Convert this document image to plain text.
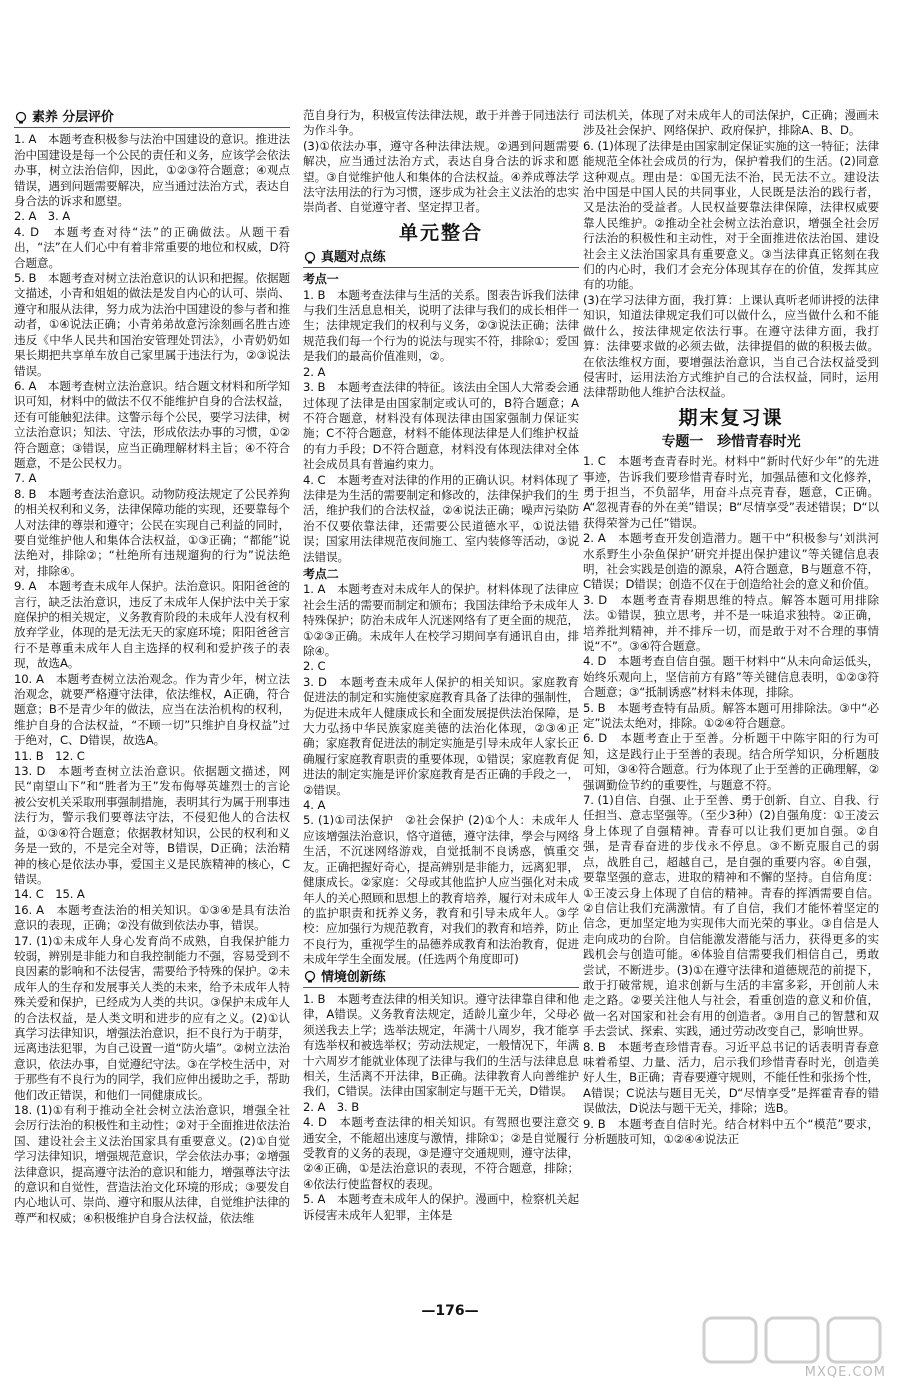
素养 分层评价

1. A　本题考查积极参与法治中国建设的意识。推进法治中国建设是每一个公民的责任和义务，应该学会依法办事，树立法治信仰，因此，①②③符合题意；④观点错误，遇到问题需要解决，应当通过法治方式，表达自身合法的诉求和愿望。

2. A　3. A

4. D　本题考查对待“法”的正确做法。从题干看出，“法”在人们心中有着非常重要的地位和权威，D符合题意。

5. B　本题考查对树立法治意识的认识和把握。依据题文描述，小青和姐姐的做法是发自内心的认可、崇尚、遵守和服从法律，努力成为法治中国建设的参与者和推动者，①④说法正确；小青弟弟故意污涂刻画名胜古迹违反《中华人民共和国治安管理处罚法》，小青奶奶如果长期把共享单车放自己家里属于违法行为，②③说法错误。

6. A　本题考查树立法治意识。结合题文材料和所学知识可知，材料中的做法不仅不能维护自身的合法权益，还有可能触犯法律。这警示每个公民，要学习法律，树立法治意识；知法、守法，形成依法办事的习惯，①②符合题意；③错误，应当正确理解材料主旨；④不符合题意，不是公民权力。

7. A

8. B　本题考查法治意识。动物防疫法规定了公民养狗的相关权利和义务，法律保障功能的实现，还要靠每个人对法律的尊崇和遵守；公民在实现自己利益的同时，要自觉维护他人和集体合法权益，①③正确；“都能”说法绝对，排除②；“杜绝所有违规遛狗的行为”说法绝对，排除④。

9. A　本题考查未成年人保护。法治意识。阳阳爸爸的言行，缺乏法治意识，违反了未成年人保护法中关于家庭保护的相关规定，义务教育阶段的未成年人没有权利放弃学业，体现的是无法无天的家庭环境；阳阳爸爸言行不是尊重未成年人自主选择的权利和爱护孩子的表现，故选A。

10. A　本题考查树立法治观念。作为青少年，树立法治观念，就要严格遵守法律，依法维权，A正确，符合题意；B不是青少年的做法，应当在法治机构的权利，维护自身的合法权益，“不顾一切”只维护自身权益”过于绝对，C、D错误，故选A。

11. B　12. C

13. D　本题考查树立法治意识。依据题文描述，网民“南望山下”和“胜者为王”发布侮辱英雄烈士的言论被公安机关采取刑事强制措施，表明其行为属于刑事违法行为，警示我们要尊法守法，不侵犯他人的合法权益，①③④符合题意；依据教材知识，公民的权利和义务是一致的，不是完全对等，B错误，D正确；法治精神的核心是依法办事，爱国主义是民族精神的核心，C错误。

14. C　15. A

16. A　本题考查法治的相关知识。①③④是具有法治意识的表现，正确；②没有做到依法办事，错误。

17. (1)①未成年人身心发育尚不成熟，自我保护能力较弱，辨别是非能力和自我控制能力不强，容易受到不良因素的影响和不法侵害，需要给予特殊的保护。②未成年人的生存和发展事关人类的未来，给予未成年人特殊关爱和保护，已经成为人类的共识。③保护未成年人的合法权益，是人类文明和进步的应有之义。(2)①认真学习法律知识，增强法治意识，拒不良行为于萌芽，远离违法犯罪，为自己设置一道“防火墙”。②树立法治意识，依法办事，自觉遵纪守法。③在学校生活中，对于那些有不良行为的同学，我们应伸出援助之手，帮助他们改正错误，和他们一同健康成长。

18. (1)①有利于推动全社会树立法治意识，增强全社会厉行法治的积极性和主动性；②对于全面推进依法治国、建设社会主义法治国家具有重要意义。(2)①自觉学习法律知识，增强规范意识，学会依法办事；②增强法律意识，提高遵守法治的意识和能力，增强尊法守法的意识和自觉性，营造法治文化环境的形成；③要发自内心地认可、崇尚、遵守和服从法律，自觉维护法律的尊严和权威；④积极维护自身合法权益，依法维

范自身行为，积极宣传法律法规，敢于并善于同违法行为作斗争。

(3)①依法办事，遵守各种法律法规。②遇到问题需要解决，应当通过法治方式，表达自身合法的诉求和愿望。③自觉维护他人和集体的合法权益。④养成尊法学法守法用法的行为习惯，逐步成为社会主义法治的忠实崇尚者、自觉遵守者、坚定捍卫者。

单元整合
真题对点练
考点一

1. B　本题考查法律与生活的关系。图表告诉我们法律与我们生活息息相关，说明了法律与我们的成长相伴一生；法律规定我们的权利与义务，②③说法正确；法律规范我们每一个行为的说法与现实不符，排除①；爱国是我们的最高价值准则，②。

2. A

3. B　本题考查法律的特征。该法由全国人大常委会通过体现了法律是由国家制定或认可的，B符合题意；A不符合题意，材料没有体现法律由国家强制力保证实施；C不符合题意，材料不能体现法律是人们维护权益的有力手段；D不符合题意，材料没有体现法律对全体社会成员具有普遍约束力。

4. C　本题考查对法律的作用的正确认识。材料体现了法律是为生活的需要制定和修改的，法律保护我们的生活，维护我们的合法权益，②④说法正确；噪声污染防治不仅要依靠法律，还需要公民道德水平，①说法错误；国家用法律规范夜间施工、室内装修等活动，③说法错误。

考点二

1. A　本题考查对未成年人的保护。材料体现了法律应社会生活的需要而制定和颁布；我国法律给予未成年人特殊保护；防治未成年人沉迷网络有了更全面的规范，①②③正确。未成年人在校学习期间享有通讯自由，排除④。

2. C

3. D　本题考查未成年人保护的相关知识。家庭教育促进法的制定和实施使家庭教育具备了法律的强制性，为促进未成年人健康成长和全面发展提供法治保障，是大力弘扬中华民族家庭美德的法治化体现，②③④正确；家庭教育促进法的制定实施是引导未成年人家长正确履行家庭教育职责的重要体现，①错误；家庭教育促进法的制定实施是评价家庭教育是否正确的手段之一，②错误。

4. A

5. (1)①司法保护　②社会保护 (2)①个人：未成年人应该增强法治意识，恪守道德，遵守法律，學会与网络生活，不沉迷网络游戏，自觉抵制不良诱惑，慎重交友。正确把握好奇心，提高辨别是非能力，远离犯罪，健康成长。②家庭：父母或其他监护人应当强化对未成年人的关心照顾和思想上的教育培养，履行对未成年人的监护职责和抚养义务，教育和引导未成年人。③学校：应加强行为规范教育，对我们的教育和培养，防止不良行为，重视学生的品德养成教育和法治教育，促进未成年学生全面发展。(任选两个角度即可)

情境创新练

1. B　本题考查法律的相关知识。遵守法律靠自律和他律，A错误。义务教育法规定，适龄儿童少年，父母必须送我去上学；选举法规定，年满十八周岁，我才能享有选举权和被选举权；劳动法规定，一般情况下，年满十六周岁才能就业体现了法律与我们的生活与法律息息相关，生活离不开法律，B正确。法律教育人向善维护我们，C错误。法律由国家制定与题干无关，D错误。

2. A　3. B

4. D　本题考查法律的相关知识。有驾照也要注意交通安全，不能超出速度与激情，排除①；②是自觉履行受教育的义务的表现，③是遵守交通规则，遵守法律，②④正确，①是法治意识的表现，不符合题意，排除；④依法行使监督权的表现。

5. A　本题考查未成年人的保护。漫画中，检察机关起诉侵害未成年人犯罪，主体是

司法机关，体现了对未成年人的司法保护，C正确；漫画未涉及社会保护、网络保护、政府保护，排除A、B、D。

6. (1)体现了法律是由国家制定保证实施的这一特征；法律能规范全体社会成员的行为，保护着我们的生活。(2)同意这种观点。理由是：①国无法不治，民无法不立。建设法治中国是中国人民的共同事业，人民既是法治的践行者，又是法治的受益者。人民权益要靠法律保障，法律权威要靠人民维护。②推动全社会树立法治意识，增强全社会厉行法治的积极性和主动性，对于全面推进依法治国、建设社会主义法治国家具有重要意义。③当法律真正铭刻在我们的内心时，我们才会充分体现其存在的价值，发挥其应有的功能。

(3)在学习法律方面，我打算：上课认真听老师讲授的法律知识，知道法律规定我们可以做什么，应当做什么和不能做什么，按法律规定依法行事。在遵守法律方面，我打算：法律要求做的必须去做，法律提倡的做的积极去做。在依法维权方面，要增强法治意识，当自己合法权益受到侵害时，运用法治方式维护自己的合法权益，同时，运用法律帮助他人维护合法权益。

期末复习课
专题一　珍惜青春时光

1. C　本题考查青春时光。材料中“新时代好少年”的先进事迹，告诉我们要珍惜青春时光，加强品德和文化修养，勇于担当，不负韶华，用奋斗点亮青春，题意，C正确。A“忽视青春的外在美”错误；B“尽情享受”表述错误；D“以获得荣誉为己任”错误。

2. A　本题考查开发创造潜力。题干中“积极参与‘刘洪河水系野生小杂鱼保护’研究并提出保护建议”等关键信息表明，社会实践是创造的源泉，A符合题意，B与题意不符，C错误；D错误；创造不仅在于创造给社会的意义和价值。

3. D　本题考查青春期思维的特点。解答本题可用排除法。①错误，独立思考，并不是一味追求独特。②正确，培养批判精神，并不排斥一切，而是敢于对不合理的事情说“不”。③④符合题意。

4. D　本题考查自信自强。题干材料中“从未向命运低头，始终乐观向上，坚信前方有路”等关键信息表明，①②③符合题意；③“抵制诱惑”材料未体现，排除。

5. B　本题考查特有品质。解答本题可用排除法。③中“必定”说法太绝对，排除。①②④符合题意。

6. D　本题考查止于至善。分析题干中陈宇阳的行为可知，这是践行止于至善的表现。结合所学知识，分析题肢可知，③④符合题意。行为体现了止于至善的正确理解，②强调勤俭节约的重要性，与题意不符。

7. (1)自信、自强、止于至善、勇于创新、自立、自我、行任担当、意志坚强等。（至少3种）(2)自强角度：①王凌云身上体现了自强精神。青春可以让我们更加自强。②自强，是青春奋进的步伐永不停息。③不断克服自己的弱点，战胜自己，超越自己，是自强的重要内容。④自强，要靠坚强的意志，进取的精神和不懈的坚持。自信角度：①王凌云身上体现了自信的精神。青春的挥洒需要自信。②自信让我们充满激情。有了自信，我们才能怀着坚定的信念，更加坚定地为实现伟大而光荣的事业。③自信是人走向成功的台阶。自信能激发潜能与活力，获得更多的实践机会与创造可能。④体验自信需要我们相信自己，勇敢尝试，不断进步。(3)①在遵守法律和道德规范的前提下，敢于打破常规，追求创新与生活的丰富多彩，开创前人未走之路。②要关注他人与社会，看重创造的意义和价值，做一名对国家和社会有用的创造者。③用自己的智慧和双手去尝试、探索、实践，通过劳动改变自己，影响世界。

8. B　本题考查珍惜青春。习近平总书记的话表明青春意味着希望、力量、活力，启示我们珍惜青春时光，创造美好人生，B正确；青春要遵守规则，不能任性和张扬个性，A错误；C说法与题目无关，D“尽情享受”是挥霍青春的错误做法，D说法与题干无关，排除；选B。

9. B　本题考查自信时光。结合材料中五个“模范”要求，分析题肢可知，①②④④说法正

—176—
MXQE.COM
